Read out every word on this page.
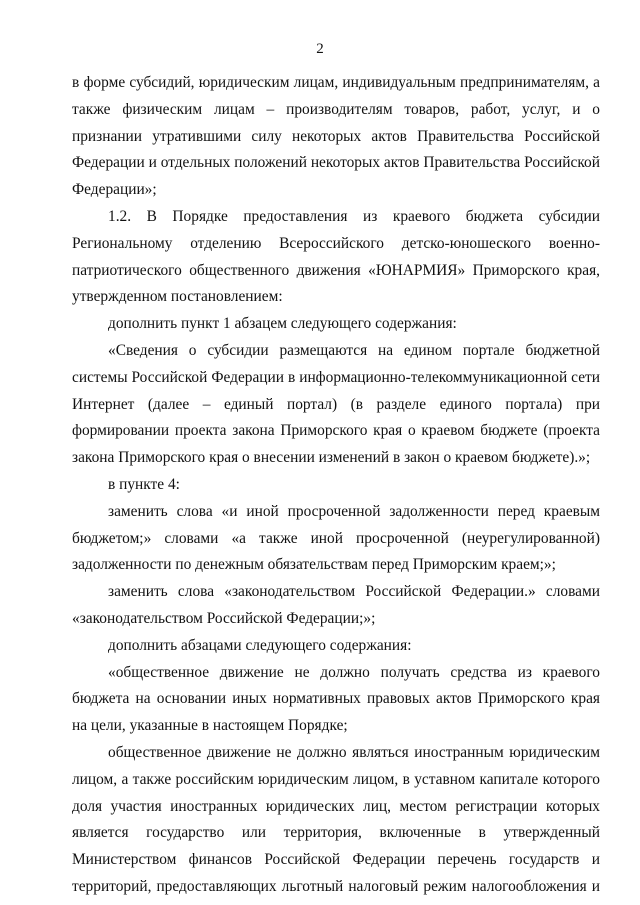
2

в форме субсидий, юридическим лицам, индивидуальным предпринимателям, а также физическим лицам – производителям товаров, работ, услуг, и о признании утратившими силу некоторых актов Правительства Российской Федерации и отдельных положений некоторых актов Правительства Российской Федерации»;

1.2. В Порядке предоставления из краевого бюджета субсидии Региональному отделению Всероссийского детско-юношеского военно-патриотического общественного движения «ЮНАРМИЯ» Приморского края, утвержденном постановлением:

дополнить пункт 1 абзацем следующего содержания:

«Сведения о субсидии размещаются на едином портале бюджетной системы Российской Федерации в информационно-телекоммуникационной сети Интернет (далее – единый портал) (в разделе единого портала) при формировании проекта закона Приморского края о краевом бюджете (проекта закона Приморского края о внесении изменений в закон о краевом бюджете).»;

в пункте 4:

заменить слова «и иной просроченной задолженности перед краевым бюджетом;» словами «а также иной просроченной (неурегулированной) задолженности по денежным обязательствам перед Приморским краем;»;

заменить слова «законодательством Российской Федерации.» словами «законодательством Российской Федерации;»;

дополнить абзацами следующего содержания:

«общественное движение не должно получать средства из краевого бюджета на основании иных нормативных правовых актов Приморского края на цели, указанные в настоящем Порядке;

общественное движение не должно являться иностранным юридическим лицом, а также российским юридическим лицом, в уставном капитале которого доля участия иностранных юридических лиц, местом регистрации которых является государство или территория, включенные в утвержденный Министерством финансов Российской Федерации перечень государств и территорий, предоставляющих льготный налоговый режим налогообложения и
